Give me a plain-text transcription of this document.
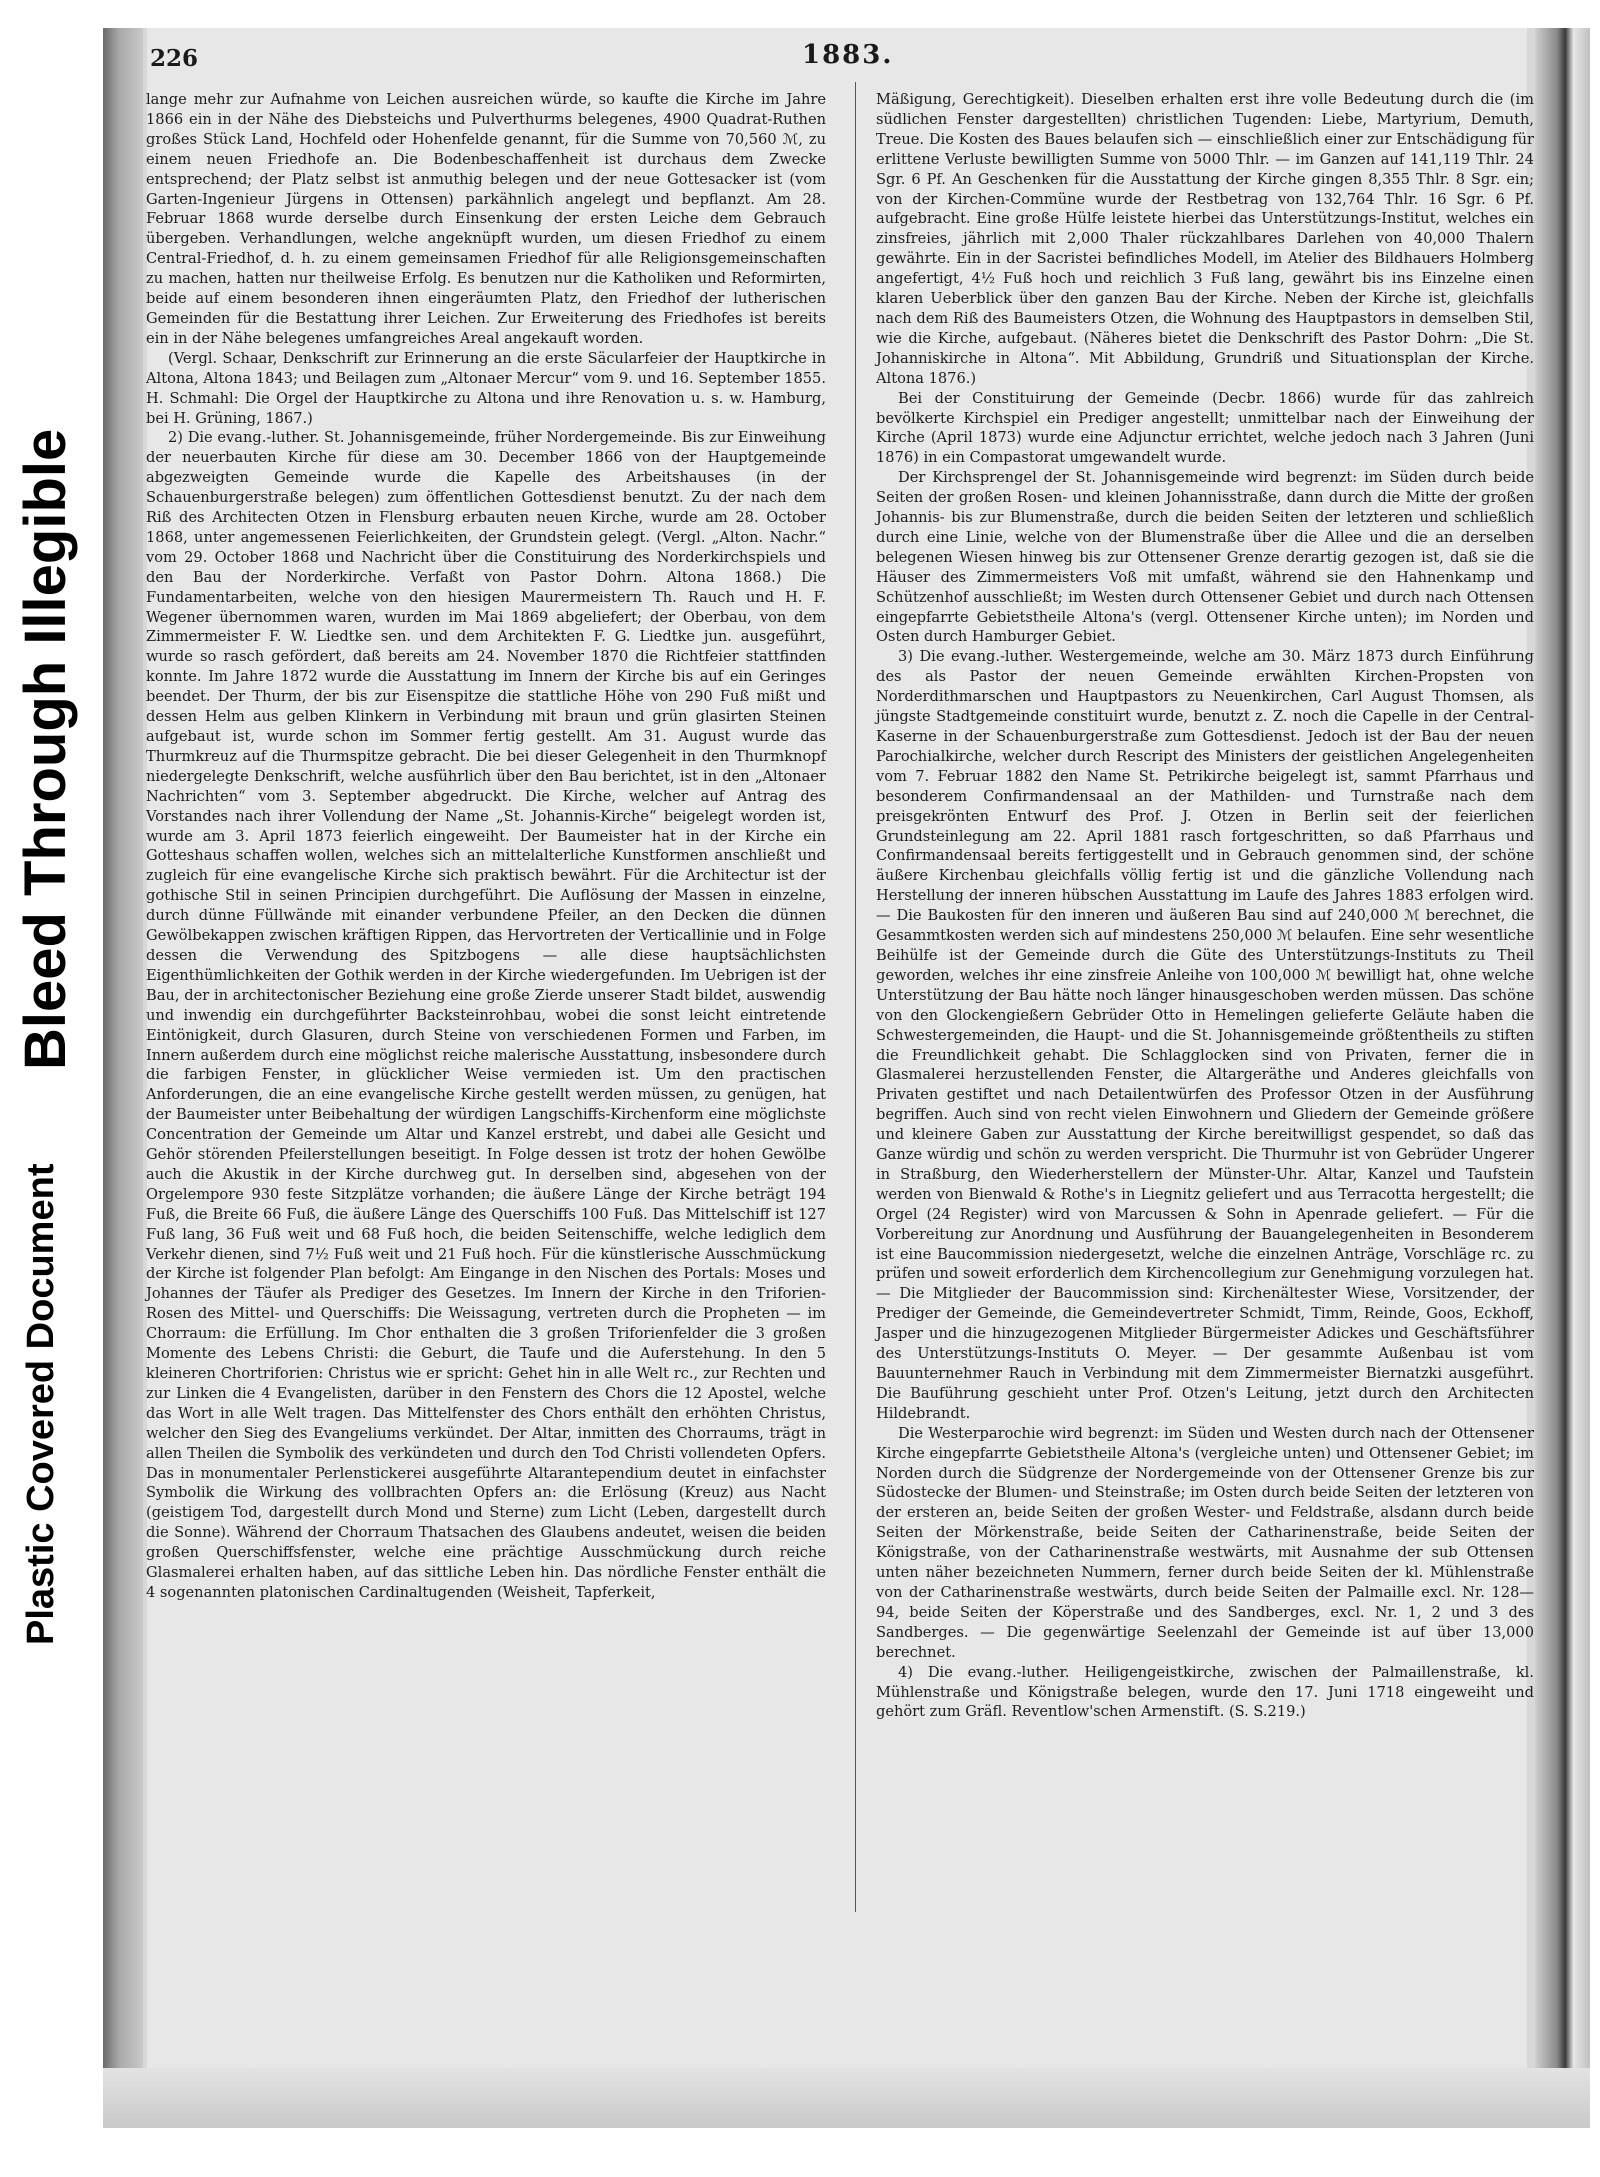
Bleed Through Illegible
Plastic Covered Document
226	1883.

lange mehr zur Aufnahme von Leichen ausreichen würde, so kaufte die Kirche im Jahre 1866 ein in der Nähe des Diebsteichs und Pulverthurms belegenes, 4900 Quadrat-Ruthen großes Stück Land, Hochfeld oder Hohenfelde genannt, für die Summe von 70,560 ℳ, zu einem neuen Friedhofe an. Die Bodenbeschaffenheit ist durchaus dem Zwecke entsprechend; der Platz selbst ist anmuthig belegen und der neue Gottesacker ist (vom Garten-Ingenieur Jürgens in Ottensen) parkähnlich angelegt und bepflanzt. Am 28. Februar 1868 wurde derselbe durch Einsenkung der ersten Leiche dem Gebrauch übergeben. Verhandlungen, welche angeknüpft wurden, um diesen Friedhof zu einem Central-Friedhof, d. h. zu einem gemeinsamen Friedhof für alle Religionsgemeinschaften zu machen, hatten nur theilweise Erfolg. Es benutzen nur die Katholiken und Reformirten, beide auf einem besonderen ihnen eingeräumten Platz, den Friedhof der lutherischen Gemeinden für die Bestattung ihrer Leichen. Zur Erweiterung des Friedhofes ist bereits ein in der Nähe belegenes umfangreiches Areal angekauft worden.

(Vergl. Schaar, Denkschrift zur Erinnerung an die erste Säcularfeier der Hauptkirche in Altona, Altona 1843; und Beilagen zum „Altonaer Mercur“ vom 9. und 16. September 1855. H. Schmahl: Die Orgel der Hauptkirche zu Altona und ihre Renovation u. s. w. Hamburg, bei H. Grüning, 1867.)

2) Die evang.-luther. St. Johannisgemeinde, früher Nordergemeinde. Bis zur Einweihung der neuerbauten Kirche für diese am 30. December 1866 von der Hauptgemeinde abgezweigten Gemeinde wurde die Kapelle des Arbeitshauses (in der Schauenburgerstraße belegen) zum öffentlichen Gottesdienst benutzt. Zu der nach dem Riß des Architecten Otzen in Flensburg erbauten neuen Kirche, wurde am 28. October 1868, unter angemessenen Feierlichkeiten, der Grundstein gelegt. (Vergl. „Alton. Nachr.“ vom 29. October 1868 und Nachricht über die Constituirung des Norderkirchspiels und den Bau der Norderkirche. Verfaßt von Pastor Dohrn. Altona 1868.) Die Fundamentarbeiten, welche von den hiesigen Maurermeistern Th. Rauch und H. F. Wegener übernommen waren, wurden im Mai 1869 abgeliefert; der Oberbau, von dem Zimmermeister F. W. Liedtke sen. und dem Architekten F. G. Liedtke jun. ausgeführt, wurde so rasch gefördert, daß bereits am 24. November 1870 die Richtfeier stattfinden konnte. Im Jahre 1872 wurde die Ausstattung im Innern der Kirche bis auf ein Geringes beendet. Der Thurm, der bis zur Eisenspitze die stattliche Höhe von 290 Fuß mißt und dessen Helm aus gelben Klinkern in Verbindung mit braun und grün glasirten Steinen aufgebaut ist, wurde schon im Sommer fertig gestellt. Am 31. August wurde das Thurmkreuz auf die Thurmspitze gebracht. Die bei dieser Gelegenheit in den Thurmknopf niedergelegte Denkschrift, welche ausführlich über den Bau berichtet, ist in den „Altonaer Nachrichten“ vom 3. September abgedruckt. Die Kirche, welcher auf Antrag des Vorstandes nach ihrer Vollendung der Name „St. Johannis-Kirche“ beigelegt worden ist, wurde am 3. April 1873 feierlich eingeweiht. Der Baumeister hat in der Kirche ein Gotteshaus schaffen wollen, welches sich an mittelalterliche Kunstformen anschließt und zugleich für eine evangelische Kirche sich praktisch bewährt. Für die Architectur ist der gothische Stil in seinen Principien durchgeführt. Die Auflösung der Massen in einzelne, durch dünne Füllwände mit einander verbundene Pfeiler, an den Decken die dünnen Gewölbekappen zwischen kräftigen Rippen, das Hervortreten der Verticallinie und in Folge dessen die Verwendung des Spitzbogens — alle diese hauptsächlichsten Eigenthümlichkeiten der Gothik werden in der Kirche wiedergefunden. Im Uebrigen ist der Bau, der in architectonischer Beziehung eine große Zierde unserer Stadt bildet, auswendig und inwendig ein durchgeführter Backsteinrohbau, wobei die sonst leicht eintretende Eintönigkeit, durch Glasuren, durch Steine von verschiedenen Formen und Farben, im Innern außerdem durch eine möglichst reiche malerische Ausstattung, insbesondere durch die farbigen Fenster, in glücklicher Weise vermieden ist. Um den practischen Anforderungen, die an eine evangelische Kirche gestellt werden müssen, zu genügen, hat der Baumeister unter Beibehaltung der würdigen Langschiffs-Kirchenform eine möglichste Concentration der Gemeinde um Altar und Kanzel erstrebt, und dabei alle Gesicht und Gehör störenden Pfeilerstellungen beseitigt. In Folge dessen ist trotz der hohen Gewölbe auch die Akustik in der Kirche durchweg gut. In derselben sind, abgesehen von der Orgelempore 930 feste Sitzplätze vorhanden; die äußere Länge der Kirche beträgt 194 Fuß, die Breite 66 Fuß, die äußere Länge des Querschiffs 100 Fuß. Das Mittelschiff ist 127 Fuß lang, 36 Fuß weit und 68 Fuß hoch, die beiden Seitenschiffe, welche lediglich dem Verkehr dienen, sind 7½ Fuß weit und 21 Fuß hoch. Für die künstlerische Ausschmückung der Kirche ist folgender Plan befolgt: Am Eingange in den Nischen des Portals: Moses und Johannes der Täufer als Prediger des Gesetzes. Im Innern der Kirche in den Triforien-Rosen des Mittel- und Querschiffs: Die Weissagung, vertreten durch die Propheten — im Chorraum: die Erfüllung. Im Chor enthalten die 3 großen Triforienfelder die 3 großen Momente des Lebens Christi: die Geburt, die Taufe und die Auferstehung. In den 5 kleineren Chortriforien: Christus wie er spricht: Gehet hin in alle Welt rc., zur Rechten und zur Linken die 4 Evangelisten, darüber in den Fenstern des Chors die 12 Apostel, welche das Wort in alle Welt tragen. Das Mittelfenster des Chors enthält den erhöhten Christus, welcher den Sieg des Evangeliums verkündet. Der Altar, inmitten des Chorraums, trägt in allen Theilen die Symbolik des verkündeten und durch den Tod Christi vollendeten Opfers. Das in monumentaler Perlenstickerei ausgeführte Altarantependium deutet in einfachster Symbolik die Wirkung des vollbrachten Opfers an: die Erlösung (Kreuz) aus Nacht (geistigem Tod, dargestellt durch Mond und Sterne) zum Licht (Leben, dargestellt durch die Sonne). Während der Chorraum Thatsachen des Glaubens andeutet, weisen die beiden großen Querschiffsfenster, welche eine prächtige Ausschmückung durch reiche Glasmalerei erhalten haben, auf das sittliche Leben hin. Das nördliche Fenster enthält die 4 sogenannten platonischen Cardinaltugenden (Weisheit, Tapferkeit,

Mäßigung, Gerechtigkeit). Dieselben erhalten erst ihre volle Bedeutung durch die (im südlichen Fenster dargestellten) christlichen Tugenden: Liebe, Martyrium, Demuth, Treue. Die Kosten des Baues belaufen sich — einschließlich einer zur Entschädigung für erlittene Verluste bewilligten Summe von 5000 Thlr. — im Ganzen auf 141,119 Thlr. 24 Sgr. 6 Pf. An Geschenken für die Ausstattung der Kirche gingen 8,355 Thlr. 8 Sgr. ein; von der Kirchen-Commüne wurde der Restbetrag von 132,764 Thlr. 16 Sgr. 6 Pf. aufgebracht. Eine große Hülfe leistete hierbei das Unterstützungs-Institut, welches ein zinsfreies, jährlich mit 2,000 Thaler rückzahlbares Darlehen von 40,000 Thalern gewährte. Ein in der Sacristei befindliches Modell, im Atelier des Bildhauers Holmberg angefertigt, 4½ Fuß hoch und reichlich 3 Fuß lang, gewährt bis ins Einzelne einen klaren Ueberblick über den ganzen Bau der Kirche. Neben der Kirche ist, gleichfalls nach dem Riß des Baumeisters Otzen, die Wohnung des Hauptpastors in demselben Stil, wie die Kirche, aufgebaut. (Näheres bietet die Denkschrift des Pastor Dohrn: „Die St. Johanniskirche in Altona“. Mit Abbildung, Grundriß und Situationsplan der Kirche. Altona 1876.)

Bei der Constituirung der Gemeinde (Decbr. 1866) wurde für das zahlreich bevölkerte Kirchspiel ein Prediger angestellt; unmittelbar nach der Einweihung der Kirche (April 1873) wurde eine Adjunctur errichtet, welche jedoch nach 3 Jahren (Juni 1876) in ein Compastorat umgewandelt wurde.

Der Kirchsprengel der St. Johannisgemeinde wird begrenzt: im Süden durch beide Seiten der großen Rosen- und kleinen Johannisstraße, dann durch die Mitte der großen Johannis- bis zur Blumenstraße, durch die beiden Seiten der letzteren und schließlich durch eine Linie, welche von der Blumenstraße über die Allee und die an derselben belegenen Wiesen hinweg bis zur Ottensener Grenze derartig gezogen ist, daß sie die Häuser des Zimmermeisters Voß mit umfaßt, während sie den Hahnenkamp und Schützenhof ausschließt; im Westen durch Ottensener Gebiet und durch nach Ottensen eingepfarrte Gebietstheile Altona's (vergl. Ottensener Kirche unten); im Norden und Osten durch Hamburger Gebiet.

3) Die evang.-luther. Westergemeinde, welche am 30. März 1873 durch Einführung des als Pastor der neuen Gemeinde erwählten Kirchen-Propsten von Norderdithmarschen und Hauptpastors zu Neuenkirchen, Carl August Thomsen, als jüngste Stadtgemeinde constituirt wurde, benutzt z. Z. noch die Capelle in der Central-Kaserne in der Schauenburgerstraße zum Gottesdienst. Jedoch ist der Bau der neuen Parochialkirche, welcher durch Rescript des Ministers der geistlichen Angelegenheiten vom 7. Februar 1882 den Name St. Petrikirche beigelegt ist, sammt Pfarrhaus und besonderem Confirmandensaal an der Mathilden- und Turnstraße nach dem preisgekrönten Entwurf des Prof. J. Otzen in Berlin seit der feierlichen Grundsteinlegung am 22. April 1881 rasch fortgeschritten, so daß Pfarrhaus und Confirmandensaal bereits fertiggestellt und in Gebrauch genommen sind, der schöne äußere Kirchenbau gleichfalls völlig fertig ist und die gänzliche Vollendung nach Herstellung der inneren hübschen Ausstattung im Laufe des Jahres 1883 erfolgen wird. — Die Baukosten für den inneren und äußeren Bau sind auf 240,000 ℳ berechnet, die Gesammtkosten werden sich auf mindestens 250,000 ℳ belaufen. Eine sehr wesentliche Beihülfe ist der Gemeinde durch die Güte des Unterstützungs-Instituts zu Theil geworden, welches ihr eine zinsfreie Anleihe von 100,000 ℳ bewilligt hat, ohne welche Unterstützung der Bau hätte noch länger hinausgeschoben werden müssen. Das schöne von den Glockengießern Gebrüder Otto in Hemelingen gelieferte Geläute haben die Schwestergemeinden, die Haupt- und die St. Johannisgemeinde größtentheils zu stiften die Freundlichkeit gehabt. Die Schlagglocken sind von Privaten, ferner die in Glasmalerei herzustellenden Fenster, die Altargeräthe und Anderes gleichfalls von Privaten gestiftet und nach Detailentwürfen des Professor Otzen in der Ausführung begriffen. Auch sind von recht vielen Einwohnern und Gliedern der Gemeinde größere und kleinere Gaben zur Ausstattung der Kirche bereitwilligst gespendet, so daß das Ganze würdig und schön zu werden verspricht. Die Thurmuhr ist von Gebrüder Ungerer in Straßburg, den Wiederherstellern der Münster-Uhr. Altar, Kanzel und Taufstein werden von Bienwald & Rothe's in Liegnitz geliefert und aus Terracotta hergestellt; die Orgel (24 Register) wird von Marcussen & Sohn in Apenrade geliefert. — Für die Vorbereitung zur Anordnung und Ausführung der Bauangelegenheiten in Besonderem ist eine Baucommission niedergesetzt, welche die einzelnen Anträge, Vorschläge rc. zu prüfen und soweit erforderlich dem Kirchencollegium zur Genehmigung vorzulegen hat. — Die Mitglieder der Baucommission sind: Kirchenältester Wiese, Vorsitzender, der Prediger der Gemeinde, die Gemeindevertreter Schmidt, Timm, Reinde, Goos, Eckhoff, Jasper und die hinzugezogenen Mitglieder Bürgermeister Adickes und Geschäftsführer des Unterstützungs-Instituts O. Meyer. — Der gesammte Außenbau ist vom Bauunternehmer Rauch in Verbindung mit dem Zimmermeister Biernatzki ausgeführt. Die Bauführung geschieht unter Prof. Otzen's Leitung, jetzt durch den Architecten Hildebrandt.

Die Westerparochie wird begrenzt: im Süden und Westen durch nach der Ottensener Kirche eingepfarrte Gebietstheile Altona's (vergleiche unten) und Ottensener Gebiet; im Norden durch die Südgrenze der Nordergemeinde von der Ottensener Grenze bis zur Südostecke der Blumen- und Steinstraße; im Osten durch beide Seiten der letzteren von der ersteren an, beide Seiten der großen Wester- und Feldstraße, alsdann durch beide Seiten der Mörkenstraße, beide Seiten der Catharinenstraße, beide Seiten der Königstraße, von der Catharinenstraße westwärts, mit Ausnahme der sub Ottensen unten näher bezeichneten Nummern, ferner durch beide Seiten der kl. Mühlenstraße von der Catharinenstraße westwärts, durch beide Seiten der Palmaille excl. Nr. 128—94, beide Seiten der Köperstraße und des Sandberges, excl. Nr. 1, 2 und 3 des Sandberges. — Die gegenwärtige Seelenzahl der Gemeinde ist auf über 13,000 berechnet.

4) Die evang.-luther. Heiligengeistkirche, zwischen der Palmaillenstraße, kl. Mühlenstraße und Königstraße belegen, wurde den 17. Juni 1718 eingeweiht und gehört zum Gräfl. Reventlow'schen Armenstift. (S. S.219.)
